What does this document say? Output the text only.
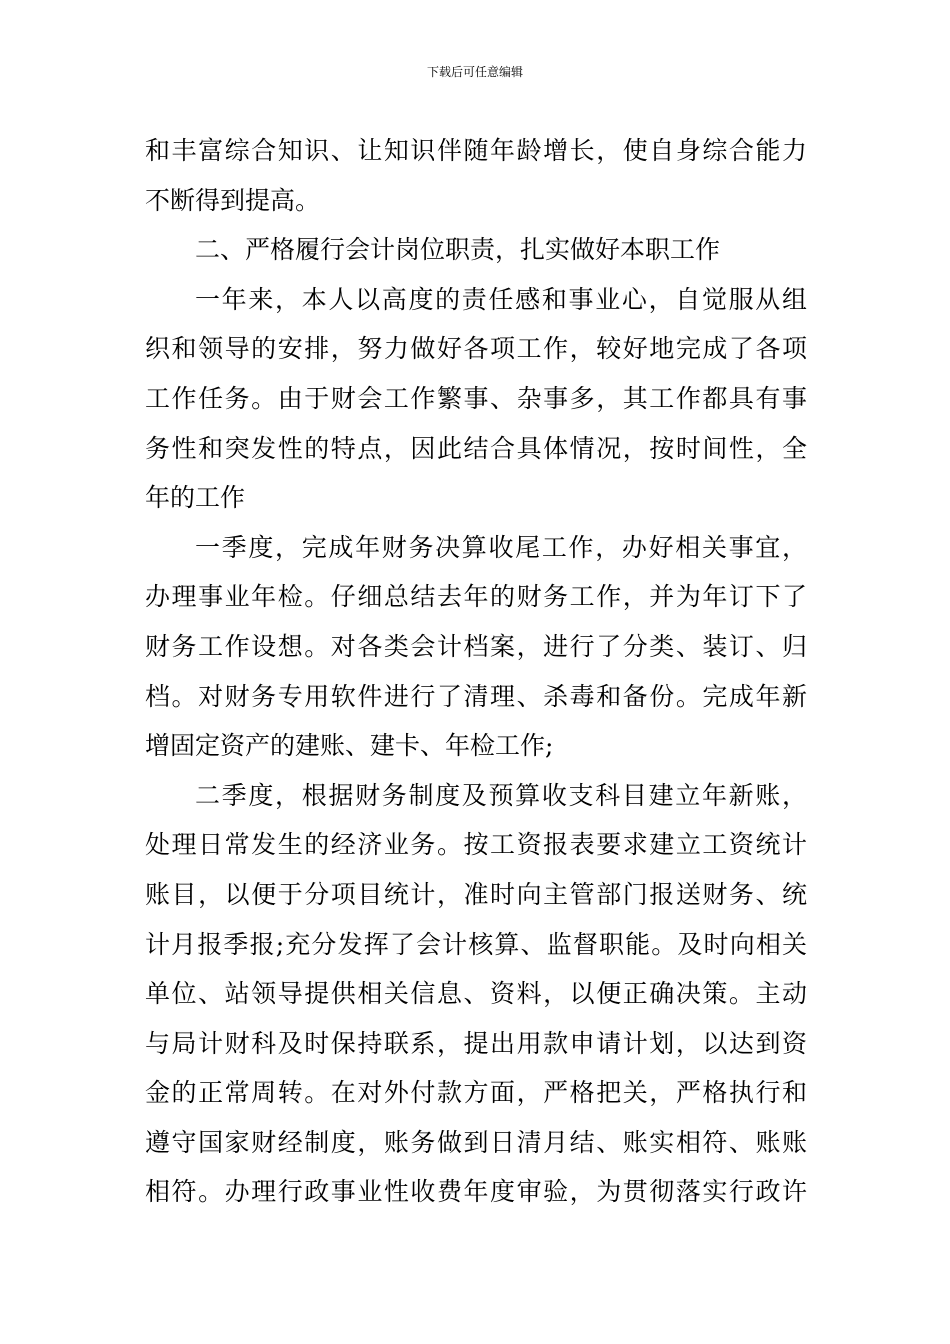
下载后可任意编辑
和丰富综合知识、让知识伴随年龄增长，使自身综合能力
不断得到提高。
二、严格履行会计岗位职责，扎实做好本职工作
一年来，本人以高度的责任感和事业心，自觉服从组
织和领导的安排，努力做好各项工作，较好地完成了各项
工作任务。由于财会工作繁事、杂事多，其工作都具有事
务性和突发性的特点，因此结合具体情况，按时间性，全
年的工作
一季度，完成年财务决算收尾工作，办好相关事宜，
办理事业年检。仔细总结去年的财务工作，并为年订下了
财务工作设想。对各类会计档案，进行了分类、装订、归
档。对财务专用软件进行了清理、杀毒和备份。完成年新
增固定资产的建账、建卡、年检工作;
二季度，根据财务制度及预算收支科目建立年新账，
处理日常发生的经济业务。按工资报表要求建立工资统计
账目，以便于分项目统计，准时向主管部门报送财务、统
计月报季报;充分发挥了会计核算、监督职能。及时向相关
单位、站领导提供相关信息、资料，以便正确决策。主动
与局计财科及时保持联系，提出用款申请计划，以达到资
金的正常周转。在对外付款方面，严格把关，严格执行和
遵守国家财经制度，账务做到日清月结、账实相符、账账
相符。办理行政事业性收费年度审验，为贯彻落实行政许
